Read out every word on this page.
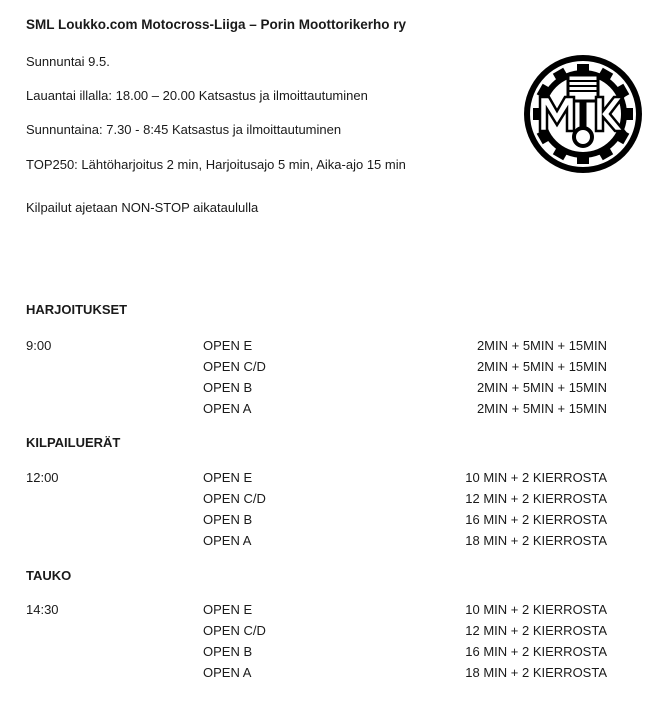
SML Loukko.com Motocross-Liiga – Porin Moottorikerho ry
Sunnuntai 9.5.
Lauantai illalla: 18.00 – 20.00 Katsastus ja ilmoittautuminen
Sunnuntaina: 7.30 - 8:45 Katsastus ja ilmoittautuminen
TOP250: Lähtöharjoitus 2 min, Harjoitusajo 5 min, Aika-ajo 15 min
Kilpailut ajetaan NON-STOP aikataululla
HARJOITUKSET
9:00	OPEN E	2MIN + 5MIN + 15MIN
OPEN C/D	2MIN + 5MIN + 15MIN
OPEN B	2MIN + 5MIN + 15MIN
OPEN A	2MIN + 5MIN + 15MIN
KILPAILUERÄT
12:00	OPEN E	10 MIN + 2 KIERROSTA
OPEN C/D	12 MIN + 2 KIERROSTA
OPEN B	16 MIN + 2 KIERROSTA
OPEN A	18 MIN + 2 KIERROSTA
TAUKO
14:30	OPEN E	10 MIN + 2 KIERROSTA
OPEN C/D	12 MIN + 2 KIERROSTA
OPEN B	16 MIN + 2 KIERROSTA
OPEN A	18 MIN + 2 KIERROSTA
